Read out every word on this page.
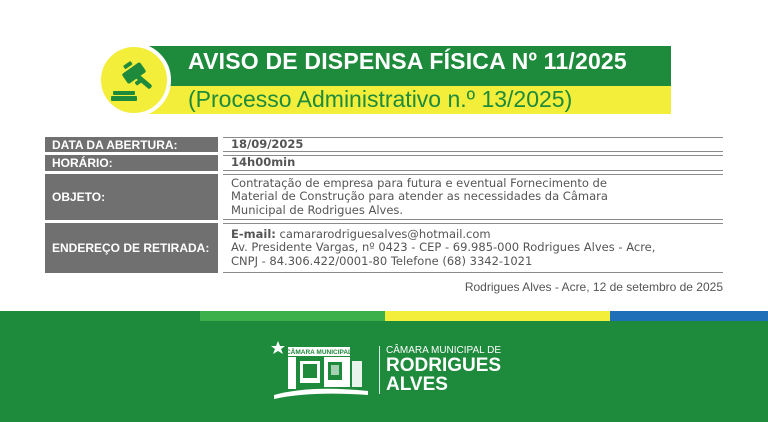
AVISO DE DISPENSA FÍSICA Nº 11/2025
(Processo Administrativo n.º 13/2025)
DATA DA ABERTURA:	18/09/2025
HORÁRIO:	14h00min
OBJETO:
Contratação de empresa para futura e eventual Fornecimento de
Material de Construção para atender as necessidades da Câmara
Municipal de Rodrigues Alves.
ENDEREÇO DE RETIRADA:
E-mail: camararodriguesalves@hotmail.com
Av. Presidente Vargas, nº 0423 - CEP - 69.985-000 Rodrigues Alves - Acre,
CNPJ - 84.306.422/0001-80 Telefone (68) 3342-1021
Rodrigues Alves - Acre, 12 de setembro de 2025
CÂMARA MUNICIPAL	CÂMARA MUNICIPAL DE
RODRIGUES
ALVES
